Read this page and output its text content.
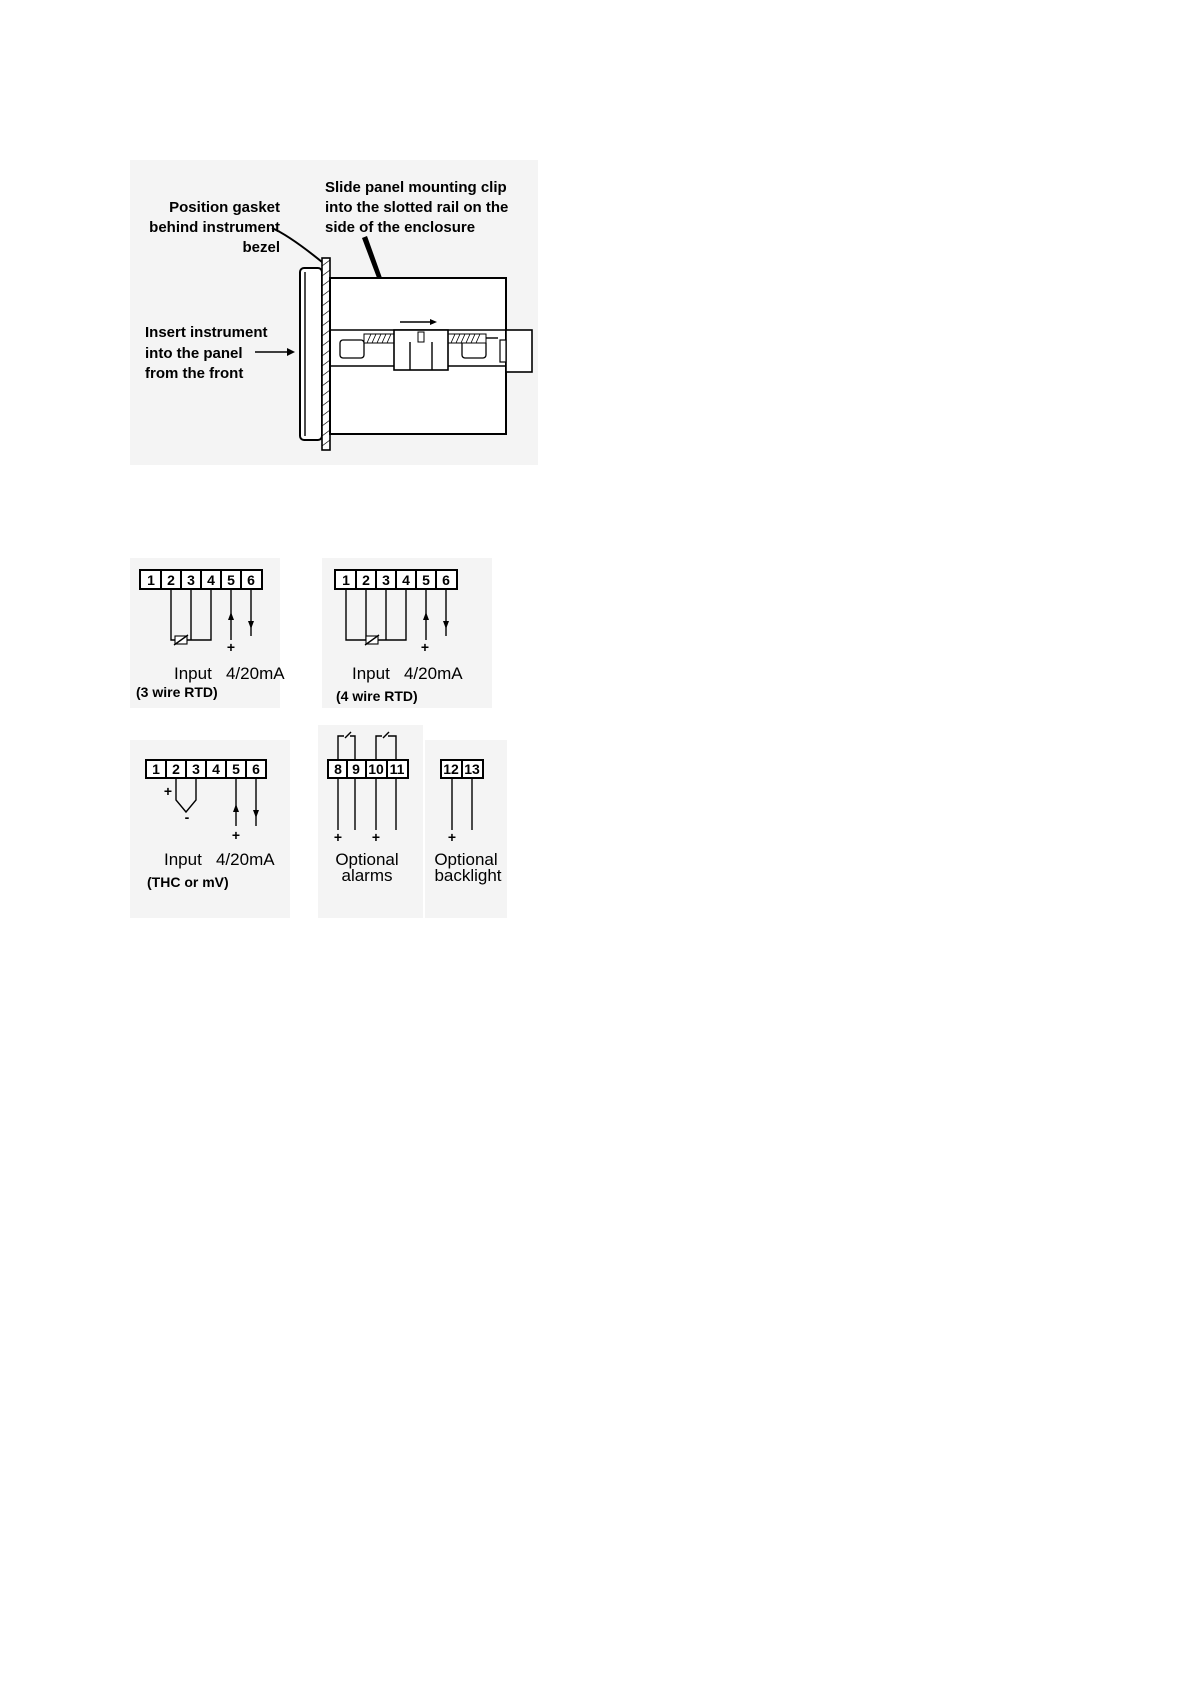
Position gasket
behind instrument
bezel
Slide panel mounting clip
into the slotted rail on the
side of the enclosure
Insert instrument
into the panel
from the front
1 2 3 4 5 6
+
Input   4/20mA
(3 wire RTD)
1 2 3 4 5 6
+
Input   4/20mA
(4 wire RTD)
1 2 3 4 5 6
+
-
+
Input   4/20mA
(THC or mV)
8 9 10 11
+ +
Optional
alarms
12 13
+
Optional
backlight
